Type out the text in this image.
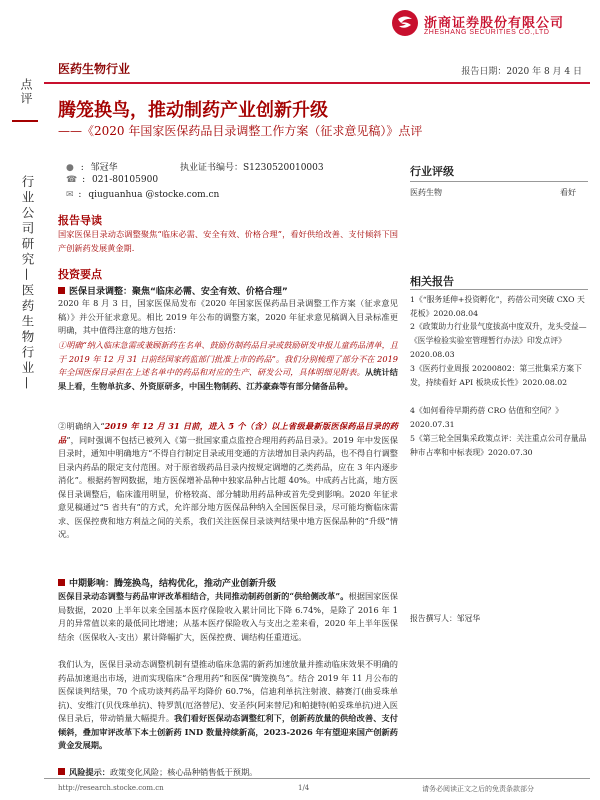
浙商证券股份有限公司
ZHESHANG SECURITIES CO.,LTD
点评
行业公司研究—医药生物行业—
医药生物行业	报告日期：2020 年 8 月 4 日
腾笼换鸟，推动制药产业创新升级
——《2020 年国家医保药品目录调整工作方案（征求意见稿）》点评
● : 邹冠华	执业证书编号：S1230520010003
☎ : 021-80105900
✉ : qiuguanhua @stocke.com.cn
报告导读
国家医保目录动态调整聚焦“临床必需、安全有效、价格合理”，看好供给改善、支付倾斜下国产创新药发展黄金期.
投资要点
医保目录调整：聚焦“临床必需、安全有效、价格合理”
2020 年 8 月 3 日，国家医保局发布《2020 年国家医保药品目录调整工作方案（征求意见稿）》并公开征求意见。相比 2019 年公布的调整方案，2020 年征求意见稿调入目录标准更明确，其中值得注意的地方包括：
①明确“纳入临床急需或兼顾新药在名单、鼓励仿制药品目录或鼓励研发申报儿童药品清单，且于 2019 年 12 月 31 日前经国家药监部门批准上市的药品”。我们分别梳理了部分不在 2019 年全国医保目录但在上述名单中的药品和对应的生产、研发公司，具体明细见附表。从统计结果上看，生物单抗多、外资原研多，中国生物制药、江苏豪森等有部分储备品种。
②明确纳入“2019 年 12 月 31 日前，进入 5 个（含）以上省级最新版医保药品目录的药品”，同时强调不包括已被列入《第一批国家重点监控合理用药药品目录》。2019 年中发医保目录时，通知中明确地方“不得自行制定目录或用变通的方法增加目录内药品，也不得自行调整目录内药品的限定支付范围。对于原省级药品目录内按规定调增的乙类药品，应在 3 年内逐步消化”。根据药智网数据，地方医保增补品种中独家品种占比超 40%。中成药占比高，地方医保目录调整后，临床滥用明显，价格较高、部分辅助用药品种或首先受到影响。2020 年征求意见稿通过“5 省共有”的方式，允许部分地方医保品种纳入全国医保目录，尽可能均衡临床需求、医保控费和地方利益之间的关系，我们关注医保目录谈判结果中地方医保品种的“升级”情况。
中期影响：腾笼换鸟，结构优化，推动产业创新升级
医保目录动态调整与药品审评改革相结合，共同推动制药创新的“供给侧改革”。根据国家医保局数据，2020 上半年以来全国基本医疗保险收入累计同比下降 6.74%，是除了 2016 年 1 月的异常值以来的最低同比增速；从基本医疗保险收入与支出之差来看，2020 年上半年医保结余（医保收入-支出）累计降幅扩大，医保控费、调结构任重道远。
我们认为，医保目录动态调整机制有望推动临床急需的新药加速放量并推动临床效果不明确的药品加速退出市场，进而实现临床“合理用药”和医保“腾笼换鸟”。结合 2019 年 11 月公布的医保谈判结果，70 个成功谈判药品平均降价 60.7%，信迪利单抗注射液、赫赛汀(曲妥珠单抗)、安维汀(贝伐珠单抗)、特罗凯(厄洛替尼)、安圣莎(阿来替尼)和帕捷特(帕妥珠单抗)进入医保目录后，带动销量大幅提升。我们看好医保动态调整红利下，创新药放量的供给改善、支付倾斜，叠加审评改革下本土创新药 IND 数量持续新高，2023-2026 年有望迎来国产创新药黄金发展期。
风险提示：政策变化风险；核心品种销售低于预期。
行业评级
医药生物	看好
相关报告
1《“服务延伸+投资孵化”，药蓓公司突破 CXO 天花板》2020.08.04
2《政策助力行业景气度拔高中度双升，龙头受益—《医学检验实验室管理暂行办法》印发点评》2020.08.03
3《医药行业周报 20200802：第三批集采方案下发，持续看好 API 板块成长性》2020.08.02
4《如何看待早期药蓓 CRO 估值和空间？》2020.07.31
5《第三轮全国集采政策点评：关注重点公司存量品种市占率和中标表现》2020.07.30
报告撰写人：邹冠华
http://research.stocke.com.cn	1/4	请务必阅读正文之后的免责条款部分
